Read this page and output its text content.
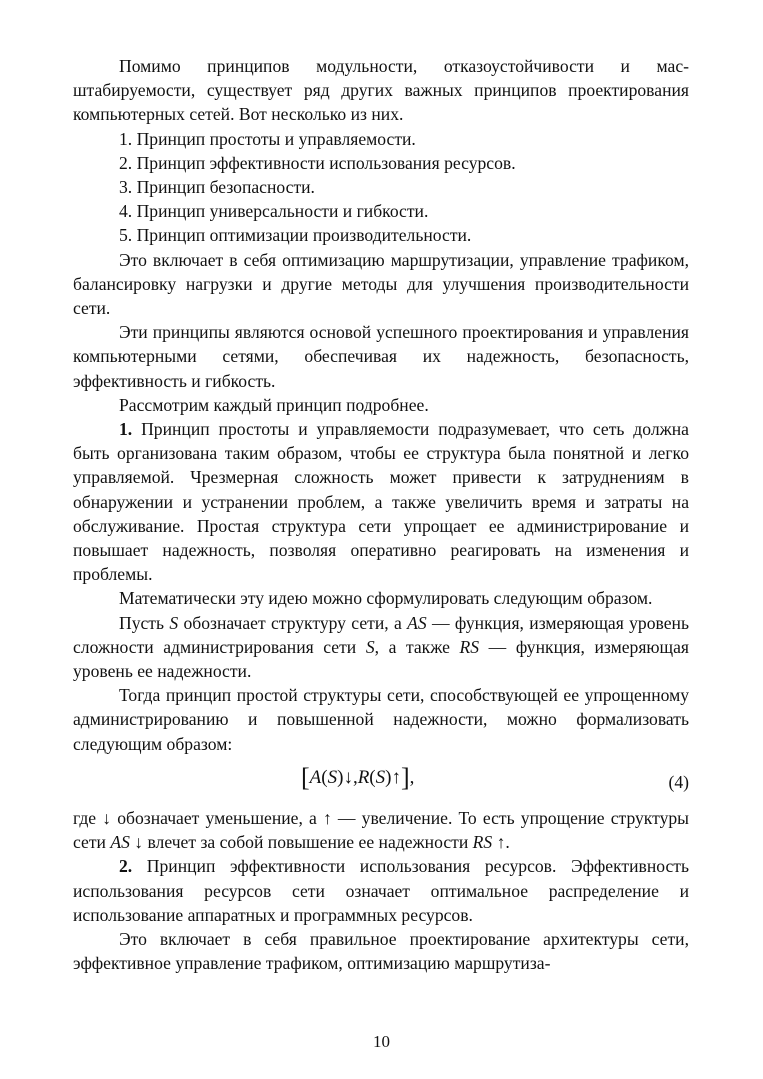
Помимо принципов модульности, отказоустойчивости и масштабируемости, существует ряд других важных принципов проектирования компьютерных сетей. Вот несколько из них.

1. Принцип простоты и управляемости.

2. Принцип эффективности использования ресурсов.

3. Принцип безопасности.

4. Принцип универсальности и гибкости.

5. Принцип оптимизации производительности.

Это включает в себя оптимизацию маршрутизации, управление трафиком, балансировку нагрузки и другие методы для улучшения производительности сети.

Эти принципы являются основой успешного проектирования и управления компьютерными сетями, обеспечивая их надежность, безопасность, эффективность и гибкость.

Рассмотрим каждый принцип подробнее.

1. Принцип простоты и управляемости подразумевает, что сеть должна быть организована таким образом, чтобы ее структура была понятной и легко управляемой. Чрезмерная сложность может привести к затруднениям в обнаружении и устранении проблем, а также увеличить время и затраты на обслуживание. Простая структура сети упрощает ее администрирование и повышает надежность, позволяя оперативно реагировать на изменения и проблемы.

Математически эту идею можно сформулировать следующим образом.

Пусть S обозначает структуру сети, а AS — функция, измеряющая уровень сложности администрирования сети S, а также RS — функция, измеряющая уровень ее надежности.

Тогда принцип простой структуры сети, способствующей ее упрощенному администрированию и повышенной надежности, можно формализовать следующим образом:

[A(S)↓,R(S)↑],	(4)

где ↓ обозначает уменьшение, а ↑ — увеличение. То есть упрощение структуры сети AS ↓ влечет за собой повышение ее надежности RS ↑.

2. Принцип эффективности использования ресурсов. Эффективность использования ресурсов сети означает оптимальное распределение и использование аппаратных и программных ресурсов.

Это включает в себя правильное проектирование архитектуры сети, эффективное управление трафиком, оптимизацию маршрутиза-

10
